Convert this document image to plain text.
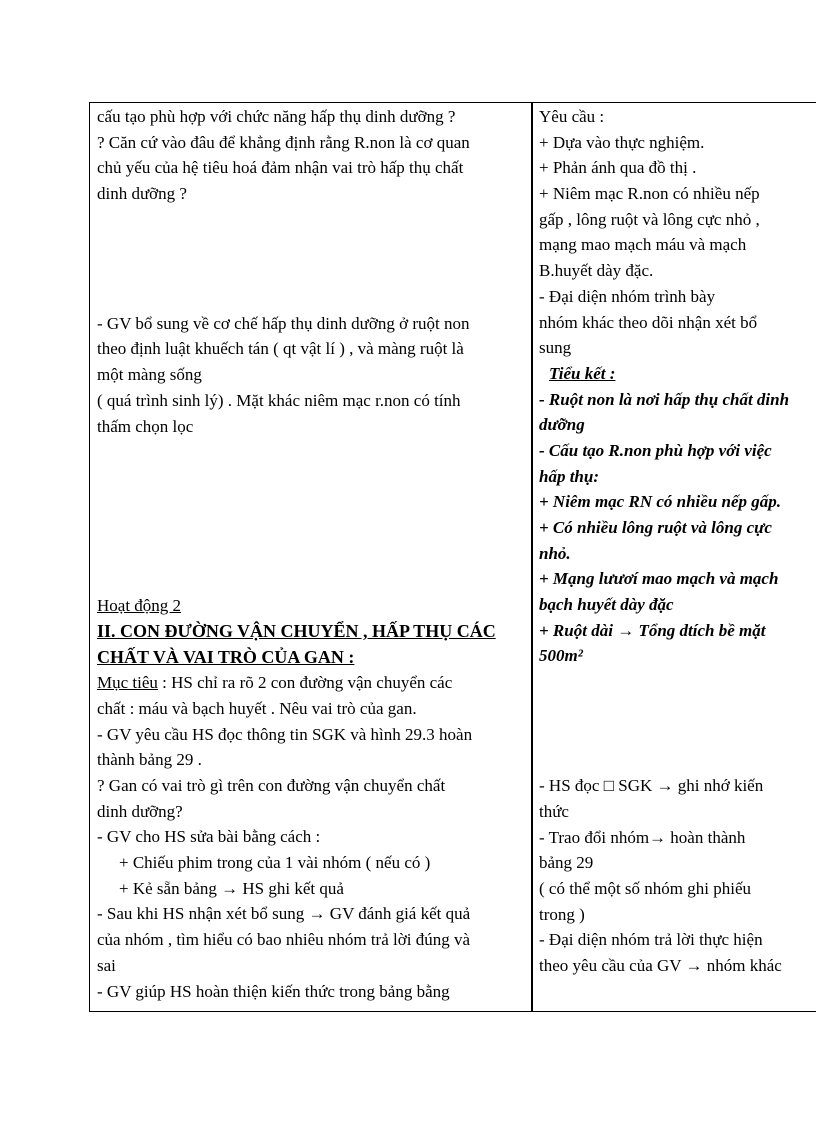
cấu tạo phù hợp với chức năng hấp thụ dinh dưỡng ?
? Căn cứ vào đâu để khẳng định rằng R.non là cơ quan
chủ yếu của hệ tiêu hoá đảm nhận vai trò hấp thụ chất
dinh dưỡng ?
- GV bổ sung về cơ chế hấp thụ dinh dưỡng ở ruột non
theo định luật khuếch tán ( qt vật lí ) , và màng ruột là
một màng sống
( quá trình sinh lý) . Mặt khác niêm mạc r.non có tính
thấm chọn lọc
Hoạt động 2
II. CON ĐƯỜNG VẬN CHUYỂN , HẤP THỤ CÁC
CHẤT VÀ VAI TRÒ CỦA GAN :
Mục tiêu : HS chỉ ra rõ 2 con đường vận chuyển các
chất : máu và bạch huyết . Nêu vai trò của gan.
- GV yêu cầu HS đọc thông tin SGK và hình 29.3 hoàn
thành bảng 29 .
? Gan có vai trò gì trên con đường vận chuyển chất
dinh dưỡng?
- GV cho HS sửa bài bằng cách :
+ Chiếu phim trong của 1 vài nhóm ( nếu có )
+ Kẻ sẵn bảng → HS ghi kết quả
- Sau khi HS nhận xét bổ sung → GV đánh giá kết quả
của nhóm , tìm hiểu có bao nhiêu nhóm trả lời đúng và
sai
- GV giúp HS hoàn thiện kiến thức trong bảng bằng
Yêu cầu :
+ Dựa vào thực nghiệm.
+ Phản ánh qua đồ thị .
+ Niêm mạc R.non có nhiều nếp
gấp , lông ruột và lông cực nhỏ ,
mạng mao mạch máu và mạch
B.huyết dày đặc.
- Đại diện nhóm trình bày
nhóm khác theo dõi nhận xét bổ
sung
Tiểu kết :
- Ruột non là nơi hấp thụ chất dinh
dưỡng
- Cấu tạo R.non phù hợp với việc
hấp thụ:
+ Niêm mạc RN có nhiều nếp gấp.
+ Có nhiều lông ruột và lông cực
nhỏ.
+ Mạng lưươí mao mạch và mạch
bạch huyết dày đặc
+ Ruột dài → Tổng dtích bề mặt
500m²
- HS đọc □ SGK → ghi nhớ kiến
thức
- Trao đổi nhóm→ hoàn thành
bảng 29
( có thể một số nhóm ghi phiếu
trong )
- Đại diện nhóm trả lời thực hiện
theo yêu cầu của GV → nhóm khác
